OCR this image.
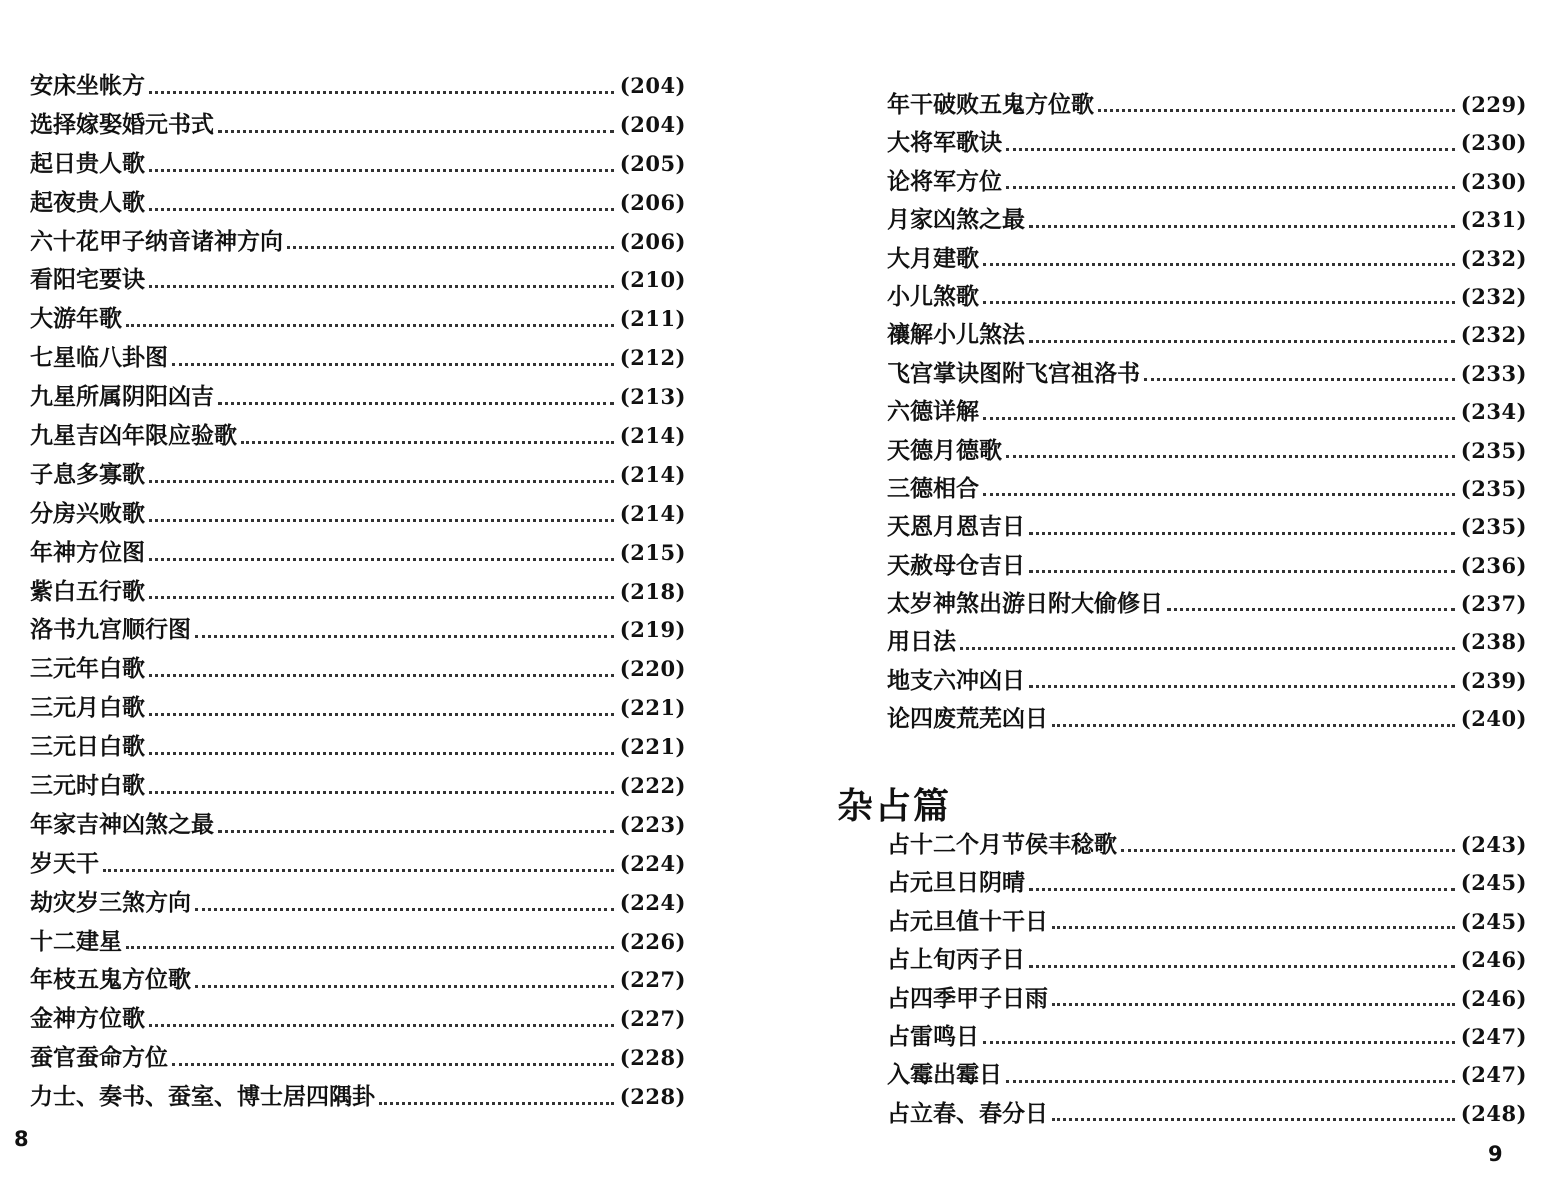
安床坐帐方	(204)
选择嫁娶婚元书式	(204)
起日贵人歌	(205)
起夜贵人歌	(206)
六十花甲子纳音诸神方向	(206)
看阳宅要诀	(210)
大游年歌	(211)
七星临八卦图	(212)
九星所属阴阳凶吉	(213)
九星吉凶年限应验歌	(214)
子息多寡歌	(214)
分房兴败歌	(214)
年神方位图	(215)
紫白五行歌	(218)
洛书九宫顺行图	(219)
三元年白歌	(220)
三元月白歌	(221)
三元日白歌	(221)
三元时白歌	(222)
年家吉神凶煞之最	(223)
岁天干	(224)
劫灾岁三煞方向	(224)
十二建星	(226)
年枝五鬼方位歌	(227)
金神方位歌	(227)
蚕官蚕命方位	(228)
力士、奏书、蚕室、博士居四隅卦	(228)
8
年干破败五鬼方位歌	(229)
大将军歌诀	(230)
论将军方位	(230)
月家凶煞之最	(231)
大月建歌	(232)
小儿煞歌	(232)
禳解小儿煞法	(232)
飞宫掌诀图附飞宫祖洛书	(233)
六德详解	(234)
天德月德歌	(235)
三德相合	(235)
天恩月恩吉日	(235)
天赦母仓吉日	(236)
太岁神煞出游日附大偷修日	(237)
用日法	(238)
地支六冲凶日	(239)
论四废荒芜凶日	(240)
杂占篇
占十二个月节侯丰稔歌	(243)
占元旦日阴晴	(245)
占元旦值十干日	(245)
占上旬丙子日	(246)
占四季甲子日雨	(246)
占雷鸣日	(247)
入霉出霉日	(247)
占立春、春分日	(248)
9
